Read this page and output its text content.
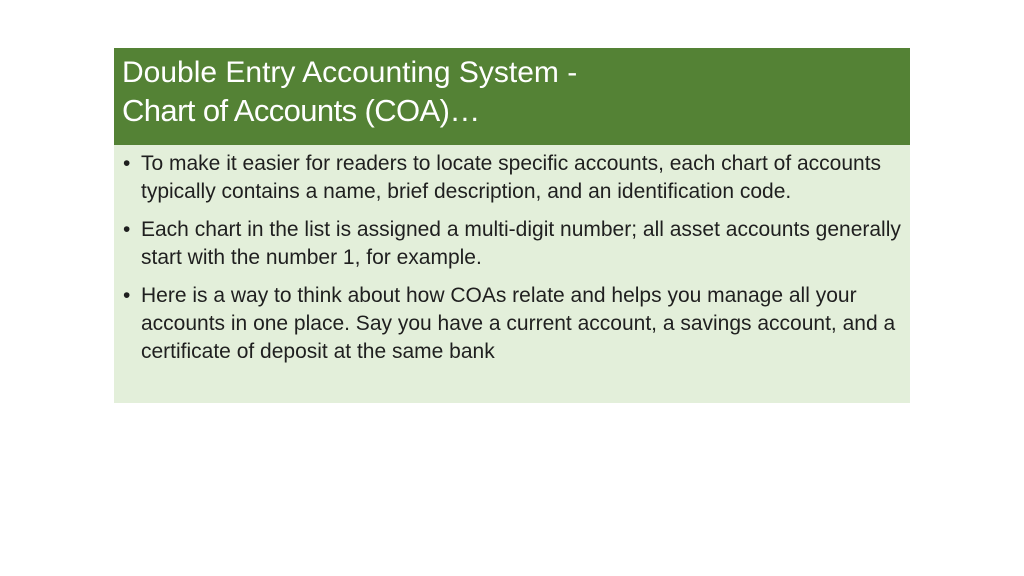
Double Entry Accounting System -
Chart of Accounts (COA)…
• To make it easier for readers to locate specific accounts, each chart of accounts typically contains a name, brief description, and an identification code.
• Each chart in the list is assigned a multi-digit number; all asset accounts generally start with the number 1, for example.
• Here is a way to think about how COAs relate and helps you manage all your accounts in one place. Say you have a current account, a savings account, and a certificate of deposit at the same bank
